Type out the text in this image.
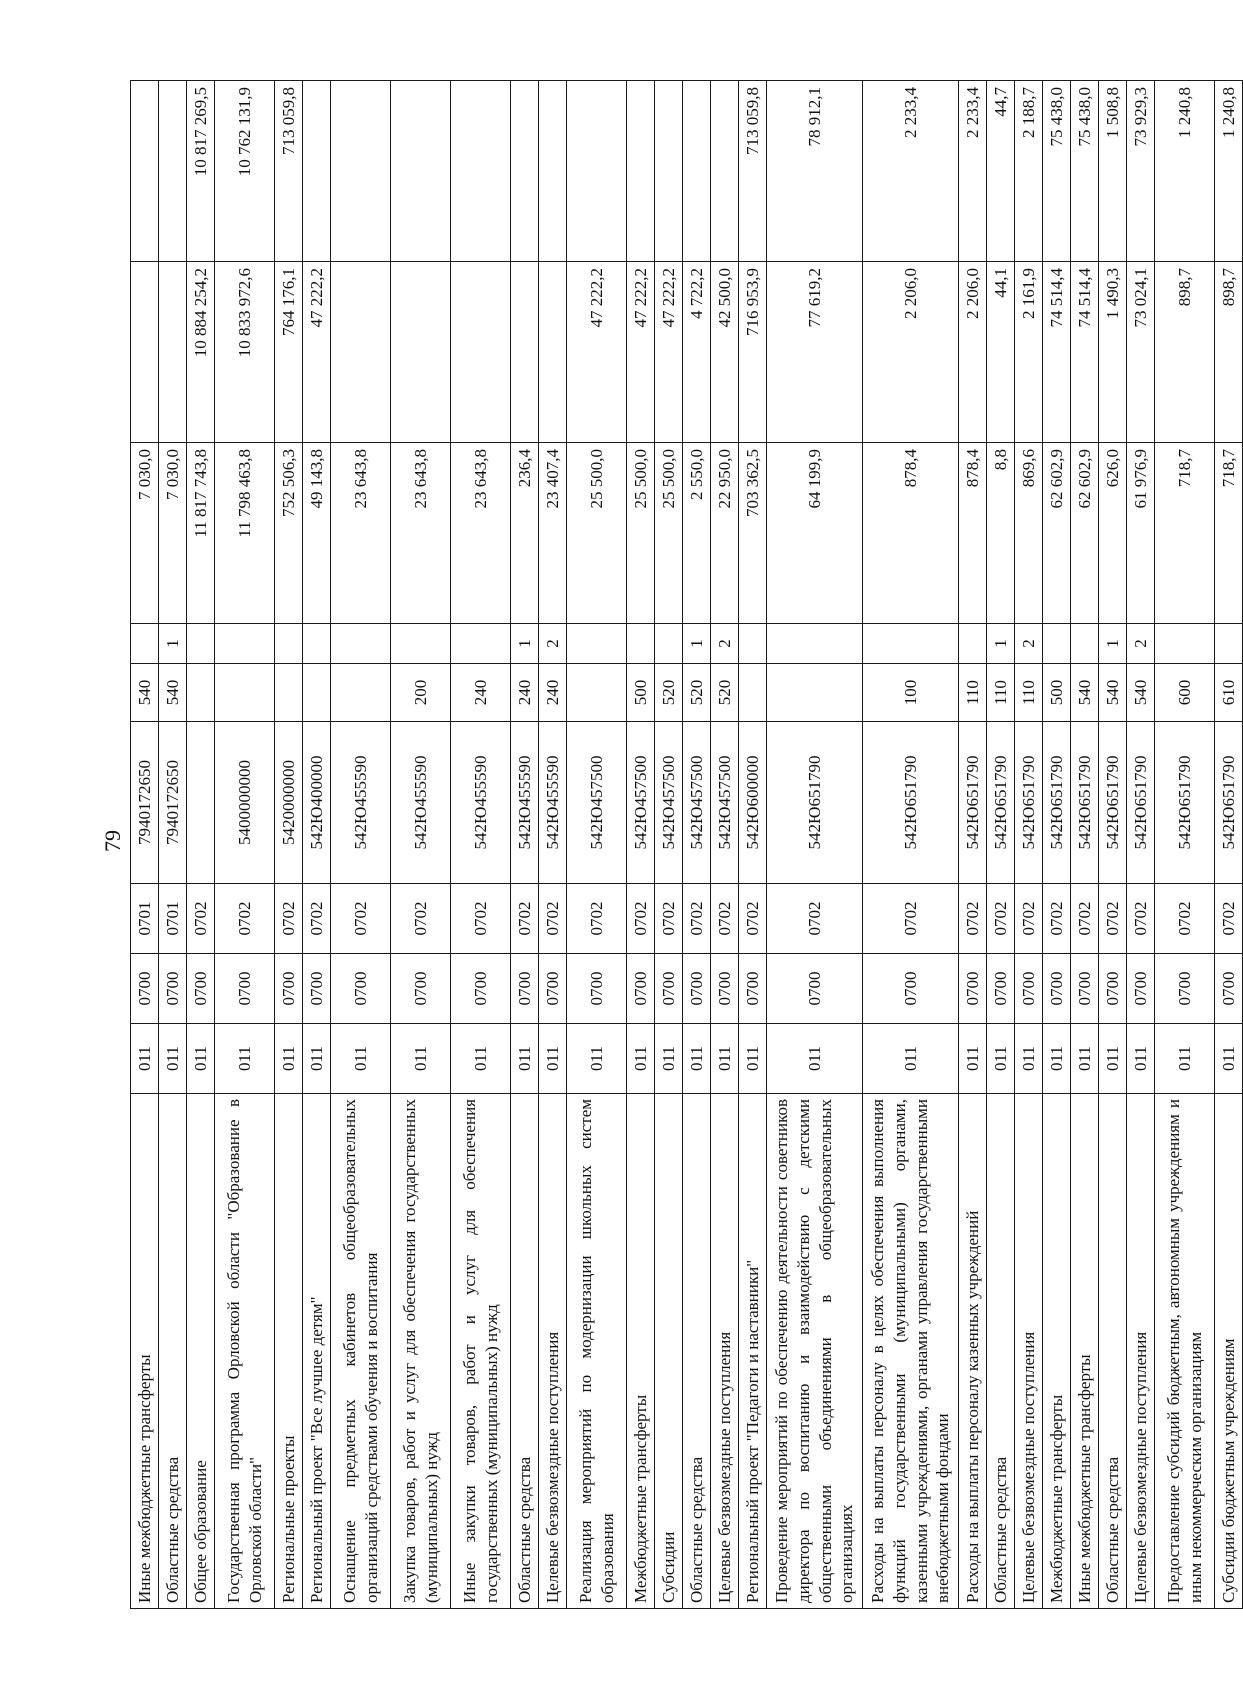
79
Иные межбюджетные трансферты	011	0700	0701	7940172650	540		7 030,0		
Областные средства	011	0700	0701	7940172650	540	1	7 030,0		
Общее образование	011	0700	0702				11 817 743,8	10 884 254,2	10 817 269,5
Государственная программа Орловской области "Образование в Орловской области"	011	0700	0702	5400000000			11 798 463,8	10 833 972,6	10 762 131,9
Региональные проекты	011	0700	0702	5420000000			752 506,3	764 176,1	713 059,8
Региональный проект "Все лучшее детям"	011	0700	0702	542Ю400000			49 143,8	47 222,2	
Оснащение предметных кабинетов общеобразовательных организаций средствами обучения и воспитания	011	0700	0702	542Ю455590			23 643,8		
Закупка товаров, работ и услуг для обеспечения государственных (муниципальных) нужд	011	0700	0702	542Ю455590	200		23 643,8		
Иные закупки товаров, работ и услуг для обеспечения государственных (муниципальных) нужд	011	0700	0702	542Ю455590	240		23 643,8		
Областные средства	011	0700	0702	542Ю455590	240	1	236,4		
Целевые безвозмездные поступления	011	0700	0702	542Ю455590	240	2	23 407,4		
Реализация мероприятий по модернизации школьных систем образования	011	0700	0702	542Ю457500			25 500,0	47 222,2	
Межбюджетные трансферты	011	0700	0702	542Ю457500	500		25 500,0	47 222,2	
Субсидии	011	0700	0702	542Ю457500	520		25 500,0	47 222,2	
Областные средства	011	0700	0702	542Ю457500	520	1	2 550,0	4 722,2	
Целевые безвозмездные поступления	011	0700	0702	542Ю457500	520	2	22 950,0	42 500,0	
Региональный проект "Педагоги и наставники"	011	0700	0702	542Ю600000			703 362,5	716 953,9	713 059,8
Проведение мероприятий по обеспечению деятельности советников директора по воспитанию и взаимодействию с детскими общественными объединениями в общеобразовательных организациях	011	0700	0702	542Ю651790			64 199,9	77 619,2	78 912,1
Расходы на выплаты персоналу в целях обеспечения выполнения функций государственными (муниципальными) органами, казенными учреждениями, органами управления государственными внебюджетными фондами	011	0700	0702	542Ю651790	100		878,4	2 206,0	2 233,4
Расходы на выплаты персоналу казенных учреждений	011	0700	0702	542Ю651790	110		878,4	2 206,0	2 233,4
Областные средства	011	0700	0702	542Ю651790	110	1	8,8	44,1	44,7
Целевые безвозмездные поступления	011	0700	0702	542Ю651790	110	2	869,6	2 161,9	2 188,7
Межбюджетные трансферты	011	0700	0702	542Ю651790	500		62 602,9	74 514,4	75 438,0
Иные межбюджетные трансферты	011	0700	0702	542Ю651790	540		62 602,9	74 514,4	75 438,0
Областные средства	011	0700	0702	542Ю651790	540	1	626,0	1 490,3	1 508,8
Целевые безвозмездные поступления	011	0700	0702	542Ю651790	540	2	61 976,9	73 024,1	73 929,3
Предоставление субсидий бюджетным, автономным учреждениям и иным некоммерческим организациям	011	0700	0702	542Ю651790	600		718,7	898,7	1 240,8
Субсидии бюджетным учреждениям	011	0700	0702	542Ю651790	610		718,7	898,7	1 240,8
